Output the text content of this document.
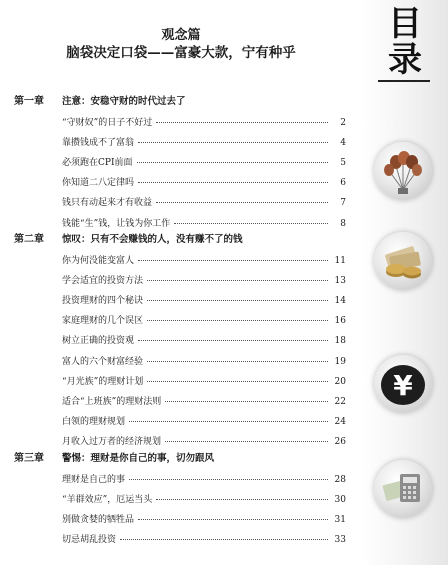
观念篇
脑袋决定口袋——富豪大款，宁有种乎
第一章 注意：安稳守财的时代过去了
“守财奴”的日子不好过	2
靠攒钱成不了富翁	4
必须跑在CPI前面	5
你知道二八定律吗	6
钱只有动起来才有收益	7
钱能“生”钱，让钱为你工作	8
第二章 惊叹：只有不会赚钱的人，没有赚不了的钱
你为何没能变富人	11
学会适宜的投资方法	13
投资理财的四个秘诀	14
家庭理财的几个误区	16
树立正确的投资观	18
富人的六个财富经验	19
“月光族”的理财计划	20
适合“上班族”的理财法则	22
白领的理财规划	24
月收入过万者的经济规划	26
第三章 警惕：理财是你自己的事，切勿跟风
理财是自己的事	28
“羊群效应”，厄运当头	30
别做贪婪的牺牲品	31
切忌胡乱投资	33
目
录
¥
